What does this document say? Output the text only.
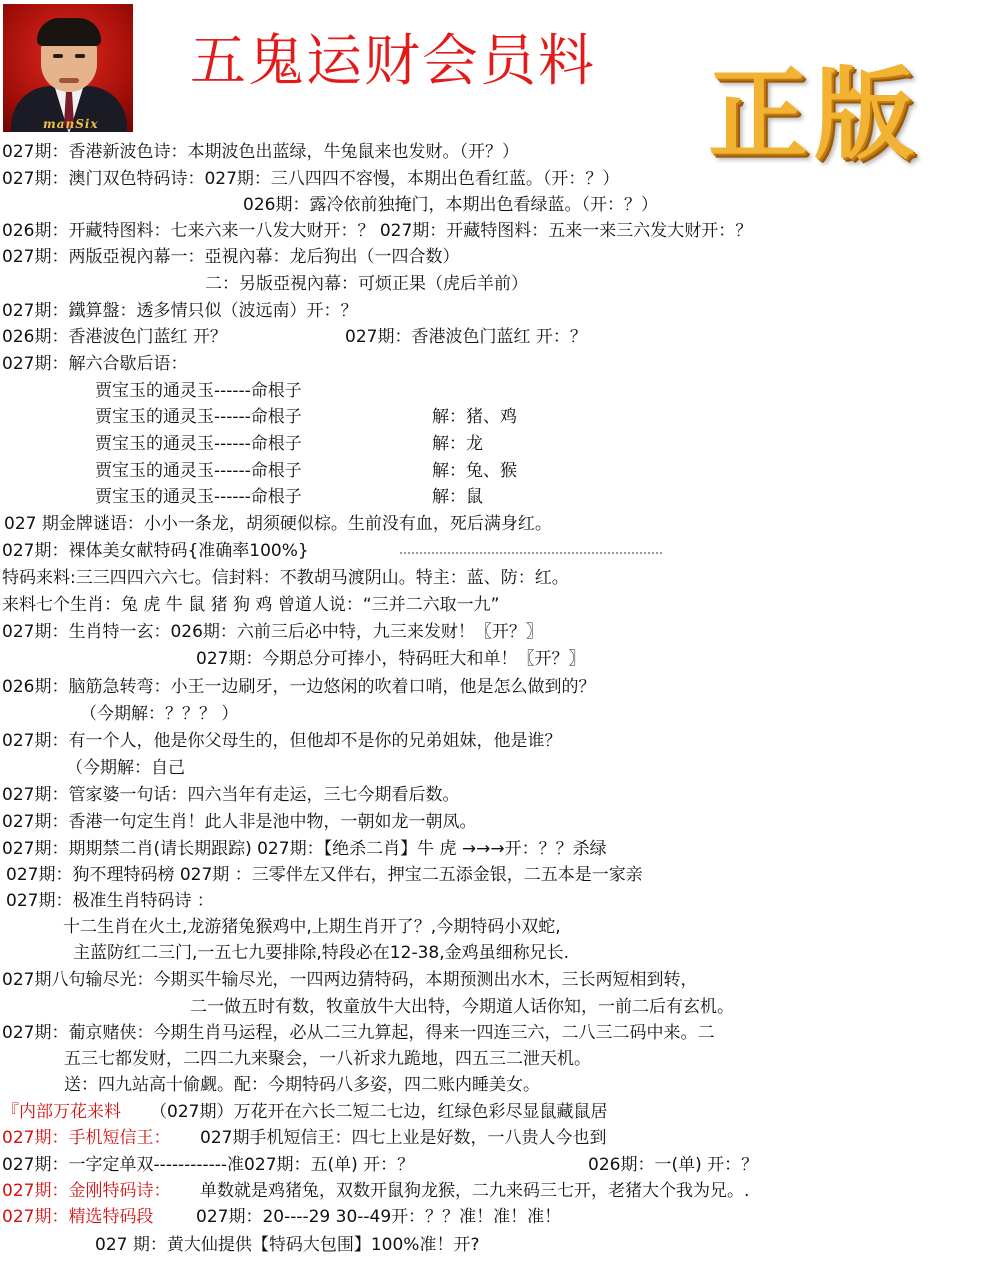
manSix
五鬼运财会员料 正版
027期：香港新波色诗：本期波色出蓝绿，牛兔鼠来也发财。（开？）
027期：澳门双色特码诗：027期：三八四四不容慢，本期出色看红蓝。（开：？）
026期：露冷依前独掩门，本期出色看绿蓝。（开：？）
026期：开藏特图料：七来六来一八发大财开：？ 027期：开藏特图料：五来一来三六发大财开：？
027期：两版亞視內幕一：亞視內幕：龙后狗出（一四合数）
二：另版亞視內幕：可烦正果（虎后羊前）
027期：鐵算盤：透多情只似（波远南）开：？
026期：香港波色门蓝红 开？	027期：香港波色门蓝红 开：？
027期：解六合歇后语：
贾宝玉的通灵玉------命根子
贾宝玉的通灵玉------命根子	解：猪、鸡
贾宝玉的通灵玉------命根子	解：龙
贾宝玉的通灵玉------命根子	解：兔、猴
贾宝玉的通灵玉------命根子	解：鼠
027 期金牌谜语：小小一条龙，胡须硬似棕。生前没有血，死后满身红。
027期：裸体美女献特码{准确率100%}
特码来料:三三四四六六七。信封料：不教胡马渡阴山。特主：蓝、防：红。
来料七个生肖：兔 虎 牛 鼠 猪 狗 鸡 曾道人说：“三并二六取一九”
027期：生肖特一玄：026期：六前三后必中特，九三来发财！〖开？〗
027期：今期总分可捧小，特码旺大和单！〖开？〗
026期：脑筋急转弯：小王一边刷牙，一边悠闲的吹着口哨，他是怎么做到的？
（今期解：？？？ ）
027期：有一个人，他是你父母生的，但他却不是你的兄弟姐妹，他是谁？
（今期解：自己
027期：管家婆一句话：四六当年有走运，三七今期看后数。
027期：香港一句定生肖！此人非是池中物，一朝如龙一朝凤。
027期：期期禁二肖(请长期跟踪) 027期：【绝杀二肖】牛 虎 →→→开：？？杀绿
027期：狗不理特码榜 027期 ：三零伴左又伴右，押宝二五添金银，二五本是一家亲
027期：极准生肖特码诗 ：
十二生肖在火土,龙游猪兔猴鸡中,上期生肖开了？,今期特码小双蛇,
主蓝防红二三门,一五七九要排除,特段必在12-38,金鸡虽细称兄长.
027期八句输尽光：今期买牛输尽光，一四两边猜特码，本期预测出水木，三长两短相到转，
二一做五时有数，牧童放牛大出特，今期道人话你知，一前二后有玄机。
027期：葡京赌侠：今期生肖马运程，必从二三九算起，得来一四连三六，二八三二码中来。二
五三七都发财，二四二九来聚会，一八祈求九跪地，四五三二泄天机。
送：四九站高十偷觑。配：今期特码八多姿，四二账内睡美女。
『内部万花来料 （027期）万花开在六长二短二七边，红绿色彩尽显鼠藏鼠居
027期：手机短信王： 027期手机短信王：四七上业是好数，一八贵人今也到
027期：一字定单双------------准027期：五(单) 开：？	026期：一(单) 开：？
027期：金刚特码诗： 单数就是鸡猪兔，双数开鼠狗龙猴，二九来码三七开，老猪大个我为兄。.
027期：精选特码段	027期：20----29 30--49开：？？准！准！准！
027 期：黄大仙提供【特码大包围】100%准！开?
